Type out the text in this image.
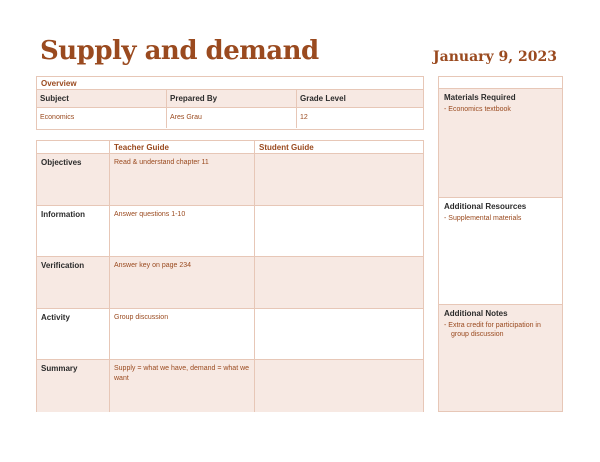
Supply and demand	January 9, 2023
Overview
Subject	Prepared By	Grade Level
Economics	Ares Grau	12
Teacher Guide	Student Guide
Objectives	Read & understand chapter 11
Information	Answer questions 1-10
Verification	Answer key on page 234
Activity	Group discussion
Summary	Supply = what we have, demand = what we want
Materials Required
- Economics textbook
Additional Resources
- Supplemental materials
Additional Notes
- Extra credit for participation in group discussion
